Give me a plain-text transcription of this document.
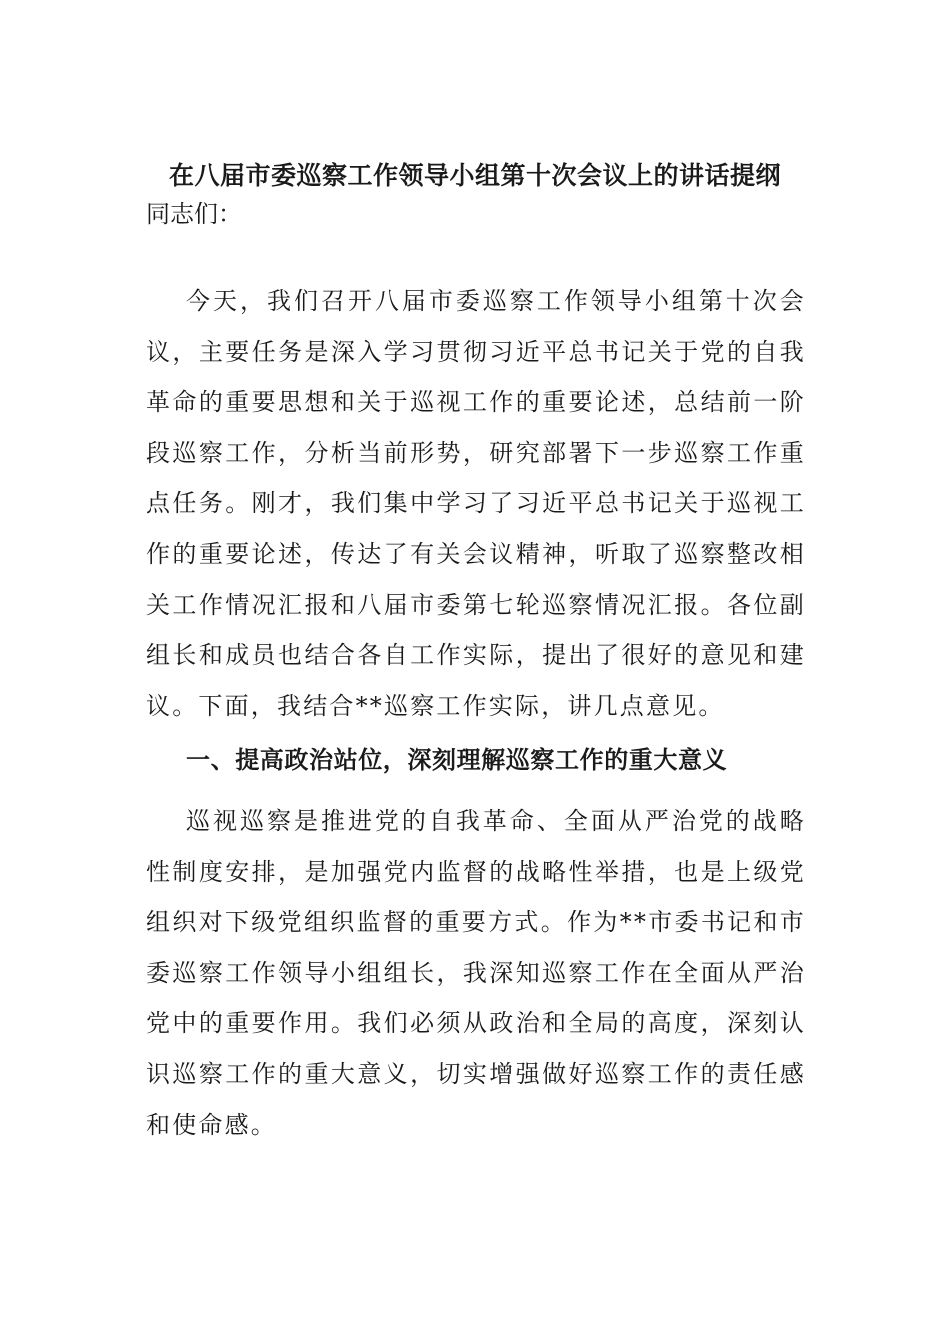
在八届市委巡察工作领导小组第十次会议上的讲话提纲
同志们：

今天，我们召开八届市委巡察工作领导小组第十次会议，主要任务是深入学习贯彻习近平总书记关于党的自我革命的重要思想和关于巡视工作的重要论述，总结前一阶段巡察工作，分析当前形势，研究部署下一步巡察工作重点任务。刚才，我们集中学习了习近平总书记关于巡视工作的重要论述，传达了有关会议精神，听取了巡察整改相关工作情况汇报和八届市委第七轮巡察情况汇报。各位副组长和成员也结合各自工作实际，提出了很好的意见和建议。下面，我结合**巡察工作实际，讲几点意见。

一、提高政治站位，深刻理解巡察工作的重大意义

巡视巡察是推进党的自我革命、全面从严治党的战略性制度安排，是加强党内监督的战略性举措，也是上级党组织对下级党组织监督的重要方式。作为**市委书记和市委巡察工作领导小组组长，我深知巡察工作在全面从严治党中的重要作用。我们必须从政治和全局的高度，深刻认识巡察工作的重大意义，切实增强做好巡察工作的责任感和使命感。
